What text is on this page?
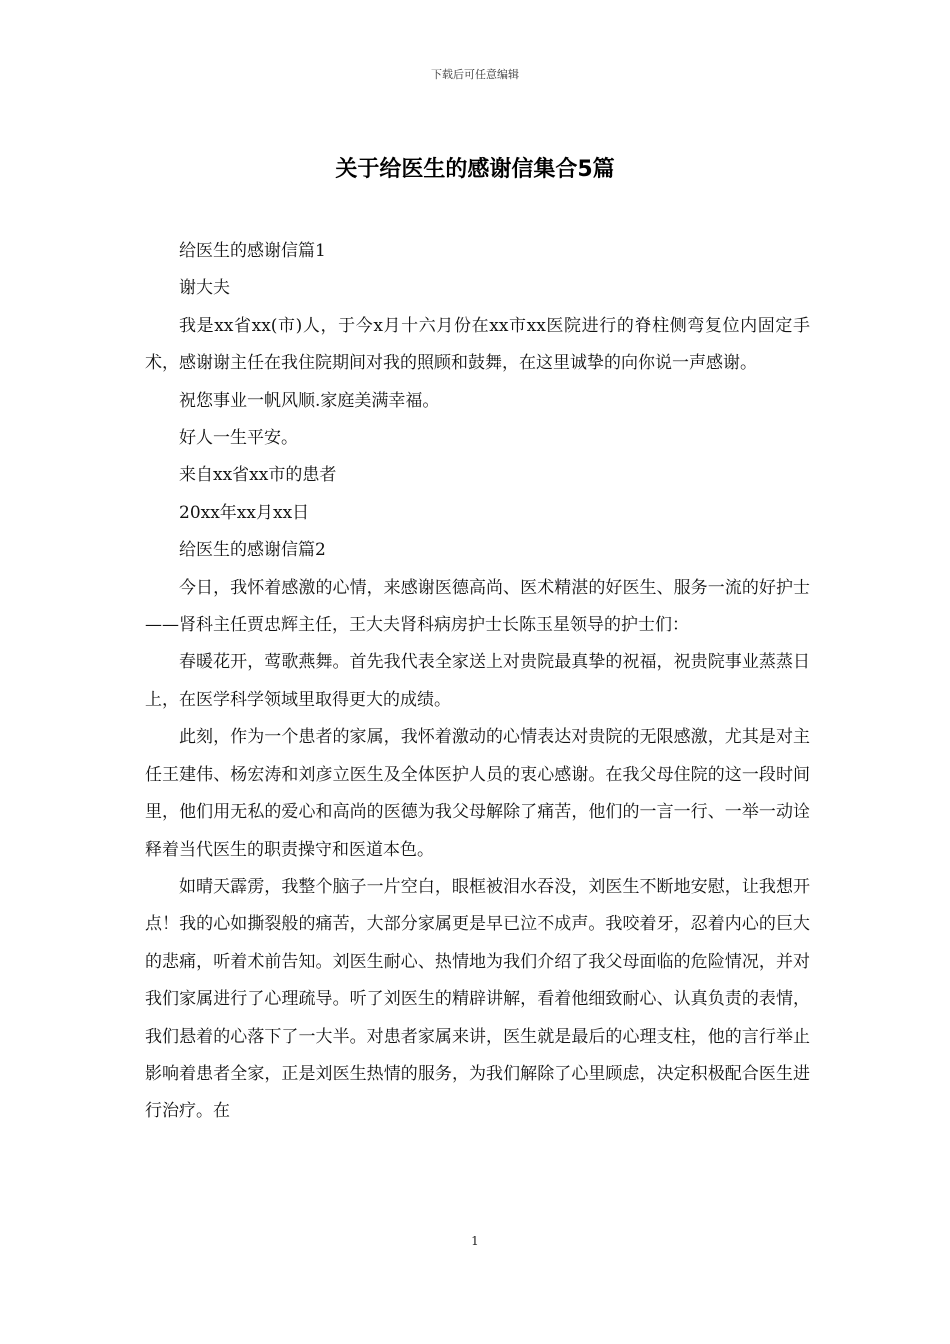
下载后可任意编辑
关于给医生的感谢信集合5篇

给医生的感谢信篇1

谢大夫

我是xx省xx(市)人，于今x月十六月份在xx市xx医院进行的脊柱侧弯复位内固定手术，感谢谢主任在我住院期间对我的照顾和鼓舞，在这里诚挚的向你说一声感谢。

祝您事业一帆风顺.家庭美满幸福。

好人一生平安。

来自xx省xx市的患者

20xx年xx月xx日

给医生的感谢信篇2

今日，我怀着感激的心情，来感谢医德高尚、医术精湛的好医生、服务一流的好护士——肾科主任贾忠辉主任，王大夫肾科病房护士长陈玉星领导的护士们：

春暖花开，莺歌燕舞。首先我代表全家送上对贵院最真挚的祝福，祝贵院事业蒸蒸日上，在医学科学领域里取得更大的成绩。

此刻，作为一个患者的家属，我怀着激动的心情表达对贵院的无限感激，尤其是对主任王建伟、杨宏涛和刘彦立医生及全体医护人员的衷心感谢。在我父母住院的这一段时间里，他们用无私的爱心和高尚的医德为我父母解除了痛苦，他们的一言一行、一举一动诠释着当代医生的职责操守和医道本色。

如晴天霹雳，我整个脑子一片空白，眼框被泪水吞没，刘医生不断地安慰，让我想开点！我的心如撕裂般的痛苦，大部分家属更是早已泣不成声。我咬着牙，忍着内心的巨大的悲痛，听着术前告知。刘医生耐心、热情地为我们介绍了我父母面临的危险情况，并对我们家属进行了心理疏导。听了刘医生的精辟讲解，看着他细致耐心、认真负责的表情，我们悬着的心落下了一大半。对患者家属来讲，医生就是最后的心理支柱，他的言行举止影响着患者全家，正是刘医生热情的服务，为我们解除了心里顾虑，决定积极配合医生进行治疗。在

1
